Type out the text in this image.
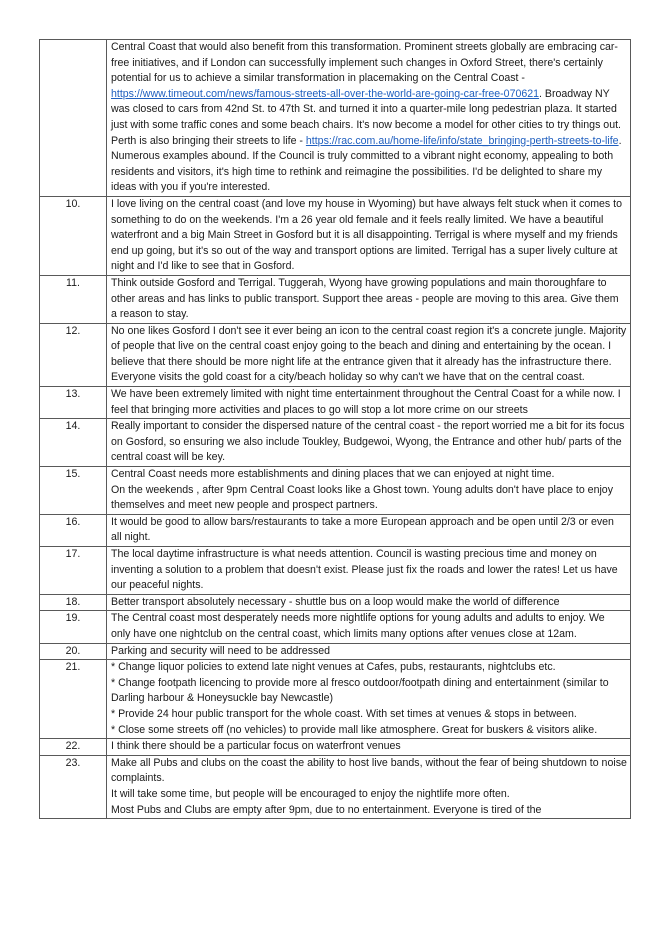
	Central Coast that would also benefit from this transformation. Prominent streets globally are embracing car-free initiatives, and if London can successfully implement such changes in Oxford Street, there's certainly potential for us to achieve a similar transformation in placemaking on the Central Coast - https://www.timeout.com/news/famous-streets-all-over-the-world-are-going-car-free-070621. Broadway NY was closed to cars from 42nd St. to 47th St. and turned it into a quarter-mile long pedestrian plaza. It started just with some traffic cones and some beach chairs. It's now become a model for other cities to try things out. Perth is also bringing their streets to life - https://rac.com.au/home-life/info/state_bringing-perth-streets-to-life. Numerous examples abound. If the Council is truly committed to a vibrant night economy, appealing to both residents and visitors, it's high time to rethink and reimagine the possibilities. I'd be delighted to share my ideas with you if you're interested.

10.	I love living on the central coast (and love my house in Wyoming) but have always felt stuck when it comes to something to do on the weekends. I'm a 26 year old female and it feels really limited. We have a beautiful waterfront and a big Main Street in Gosford but it is all disappointing. Terrigal is where myself and my friends end up going, but it's so out of the way and transport options are limited. Terrigal has a super lively culture at night and I'd like to see that in Gosford.

11.	Think outside Gosford and Terrigal. Tuggerah, Wyong have growing populations and main thoroughfare to other areas and has links to public transport. Support thee areas - people are moving to this area. Give them a reason to stay.

12.	No one likes Gosford I don't see it ever being an icon to the central coast region it's a concrete jungle. Majority of people that live on the central coast enjoy going to the beach and dining and entertaining by the ocean. I believe that there should be more night life at the entrance given that it already has the infrastructure there. Everyone visits the gold coast for a city/beach holiday so why can't we have that on the central coast.

13.	We have been extremely limited with night time entertainment throughout the Central Coast for a while now. I feel that bringing more activities and places to go will stop a lot more crime on our streets

14.	Really important to consider the dispersed nature of the central coast - the report worried me a bit for its focus on Gosford, so ensuring we also include Toukley, Budgewoi, Wyong, the Entrance and other hub/ parts of the central coast will be key.

15.	Central Coast needs more establishments and dining places that we can enjoyed at night time.
On the weekends , after 9pm Central Coast looks like a Ghost town. Young adults don't have place to enjoy themselves and meet new people and prospect partners.

16.	It would be good to allow bars/restaurants to take a more European approach and be open until 2/3 or even all night.

17.	The local daytime infrastructure is what needs attention. Council is wasting precious time and money on inventing a solution to a problem that doesn't exist. Please just fix the roads and lower the rates! Let us have our peaceful nights.

18.	Better transport absolutely necessary - shuttle bus on a loop would make the world of difference

19.	The Central coast most desperately needs more nightlife options for young adults and adults to enjoy. We only have one nightclub on the central coast, which limits many options after venues close at 12am.

20.	Parking and security will need to be addressed

21.	* Change liquor policies to extend late night venues at Cafes, pubs, restaurants, nightclubs etc.
* Change footpath licencing to provide more al fresco outdoor/footpath dining and entertainment (similar to Darling harbour & Honeysuckle bay Newcastle)
* Provide 24 hour public transport for the whole coast. With set times at venues & stops in between.
* Close some streets off (no vehicles) to provide mall like atmosphere. Great for buskers & visitors alike.

22.	I think there should be a particular focus on waterfront venues

23.	Make all Pubs and clubs on the coast the ability to host live bands, without the fear of being shutdown to noise complaints.
It will take some time, but people will be encouraged to enjoy the nightlife more often.
Most Pubs and Clubs are empty after 9pm, due to no entertainment. Everyone is tired of the
